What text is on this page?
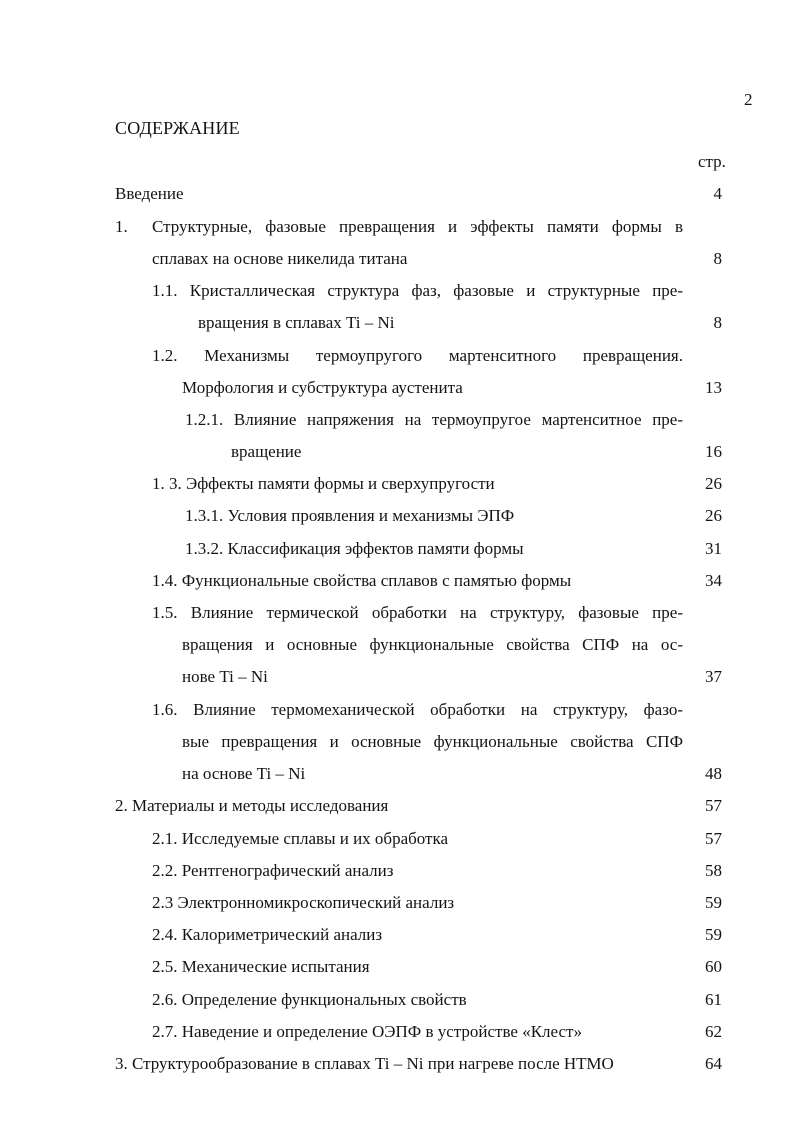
2
СОДЕРЖАНИЕ
стр.
Введение	4
1. Структурные, фазовые превращения и эффекты памяти формы в
сплавах на основе никелида титана	8
1.1. Кристаллическая структура фаз, фазовые и структурные пре-
вращения в сплавах Ti – Ni	8
1.2. Механизмы термоупругого мартенситного превращения.
Морфология и субструктура аустенита	13
1.2.1. Влияние напряжения на термоупругое мартенситное пре-
вращение	16
1. 3. Эффекты памяти формы и сверхупругости	26
1.3.1. Условия проявления и механизмы ЭПФ	26
1.3.2. Классификация эффектов памяти формы	31
1.4. Функциональные свойства сплавов с памятью формы	34
1.5. Влияние термической обработки на структуру, фазовые пре-
вращения и основные функциональные свойства СПФ на ос-
нове Ti – Ni	37
1.6. Влияние термомеханической обработки на структуру, фазо-
вые превращения и основные функциональные свойства СПФ
на основе Ti – Ni	48
2. Материалы и методы исследования	57
2.1. Исследуемые сплавы и их обработка	57
2.2. Рентгенографический анализ	58
2.3 Электронномикроскопический анализ	59
2.4. Калориметрический анализ	59
2.5. Механические испытания	60
2.6. Определение функциональных свойств	61
2.7. Наведение и определение ОЭПФ в устройстве «Клест»	62
3. Структурообразование в сплавах Ti – Ni при нагреве после НТМО	64
